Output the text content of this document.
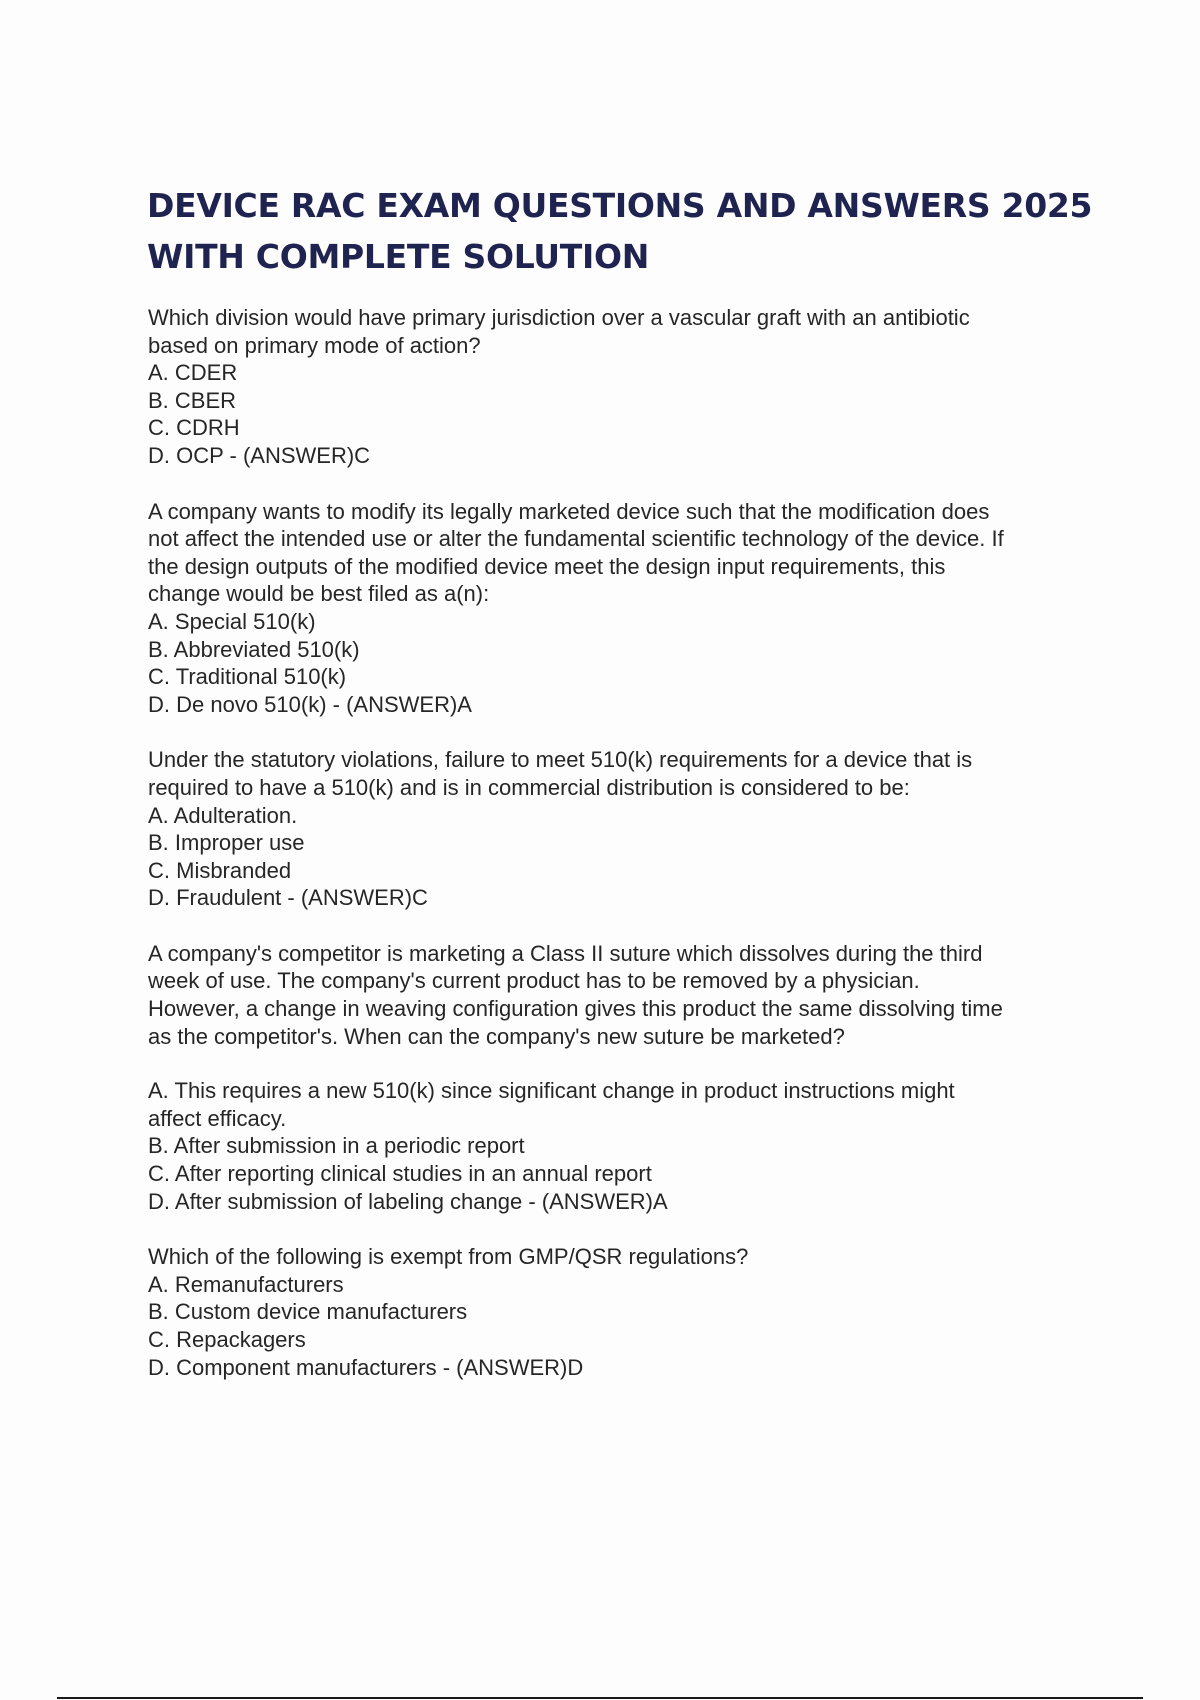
DEVICE RAC EXAM QUESTIONS AND ANSWERS 2025
WITH COMPLETE SOLUTION
Which division would have primary jurisdiction over a vascular graft with an antibiotic
based on primary mode of action?
A. CDER
B. CBER
C. CDRH
D. OCP - (ANSWER)C
A company wants to modify its legally marketed device such that the modification does
not affect the intended use or alter the fundamental scientific technology of the device. If
the design outputs of the modified device meet the design input requirements, this
change would be best filed as a(n):
A. Special 510(k)
B. Abbreviated 510(k)
C. Traditional 510(k)
D. De novo 510(k) - (ANSWER)A
Under the statutory violations, failure to meet 510(k) requirements for a device that is
required to have a 510(k) and is in commercial distribution is considered to be:
A. Adulteration.
B. Improper use
C. Misbranded
D. Fraudulent - (ANSWER)C
A company's competitor is marketing a Class II suture which dissolves during the third
week of use. The company's current product has to be removed by a physician.
However, a change in weaving configuration gives this product the same dissolving time
as the competitor's. When can the company's new suture be marketed?
A. This requires a new 510(k) since significant change in product instructions might
affect efficacy.
B. After submission in a periodic report
C. After reporting clinical studies in an annual report
D. After submission of labeling change - (ANSWER)A
Which of the following is exempt from GMP/QSR regulations?
A. Remanufacturers
B. Custom device manufacturers
C. Repackagers
D. Component manufacturers - (ANSWER)D
